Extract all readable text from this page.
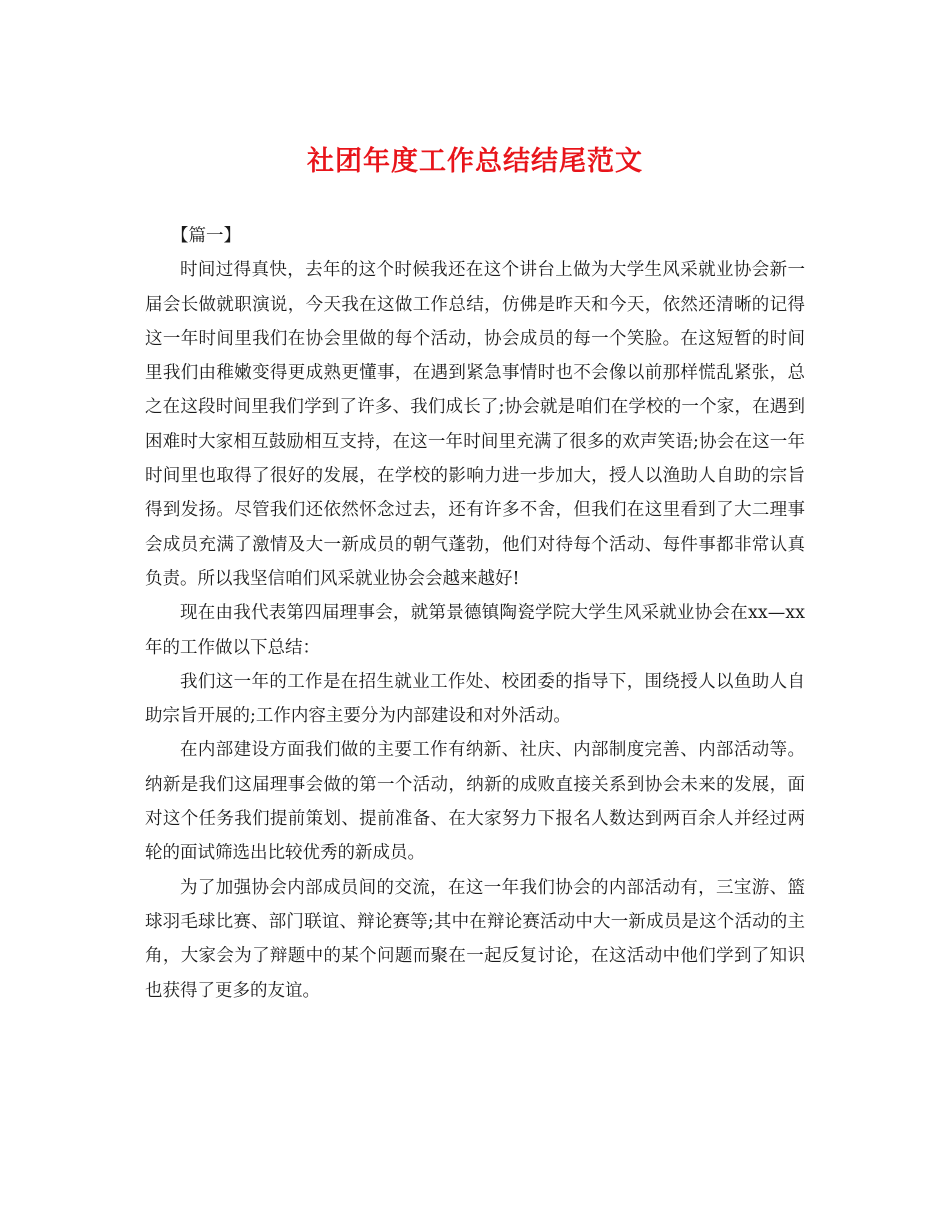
社团年度工作总结结尾范文

【篇一】

时间过得真快，去年的这个时候我还在这个讲台上做为大学生风采就业协会新一届会长做就职演说，今天我在这做工作总结，仿佛是昨天和今天，依然还清晰的记得这一年时间里我们在协会里做的每个活动，协会成员的每一个笑脸。在这短暂的时间里我们由稚嫩变得更成熟更懂事，在遇到紧急事情时也不会像以前那样慌乱紧张，总之在这段时间里我们学到了许多、我们成长了;协会就是咱们在学校的一个家，在遇到困难时大家相互鼓励相互支持，在这一年时间里充满了很多的欢声笑语;协会在这一年时间里也取得了很好的发展，在学校的影响力进一步加大，授人以渔助人自助的宗旨得到发扬。尽管我们还依然怀念过去，还有许多不舍，但我们在这里看到了大二理事会成员充满了激情及大一新成员的朝气蓬勃，他们对待每个活动、每件事都非常认真负责。所以我坚信咱们风采就业协会会越来越好!

现在由我代表第四届理事会，就第景德镇陶瓷学院大学生风采就业协会在xx—xx年的工作做以下总结：

我们这一年的工作是在招生就业工作处、校团委的指导下，围绕授人以鱼助人自助宗旨开展的;工作内容主要分为内部建设和对外活动。

在内部建设方面我们做的主要工作有纳新、社庆、内部制度完善、内部活动等。纳新是我们这届理事会做的第一个活动，纳新的成败直接关系到协会未来的发展，面对这个任务我们提前策划、提前准备、在大家努力下报名人数达到两百余人并经过两轮的面试筛选出比较优秀的新成员。

为了加强协会内部成员间的交流，在这一年我们协会的内部活动有，三宝游、篮球羽毛球比赛、部门联谊、辩论赛等;其中在辩论赛活动中大一新成员是这个活动的主角，大家会为了辩题中的某个问题而聚在一起反复讨论，在这活动中他们学到了知识也获得了更多的友谊。
